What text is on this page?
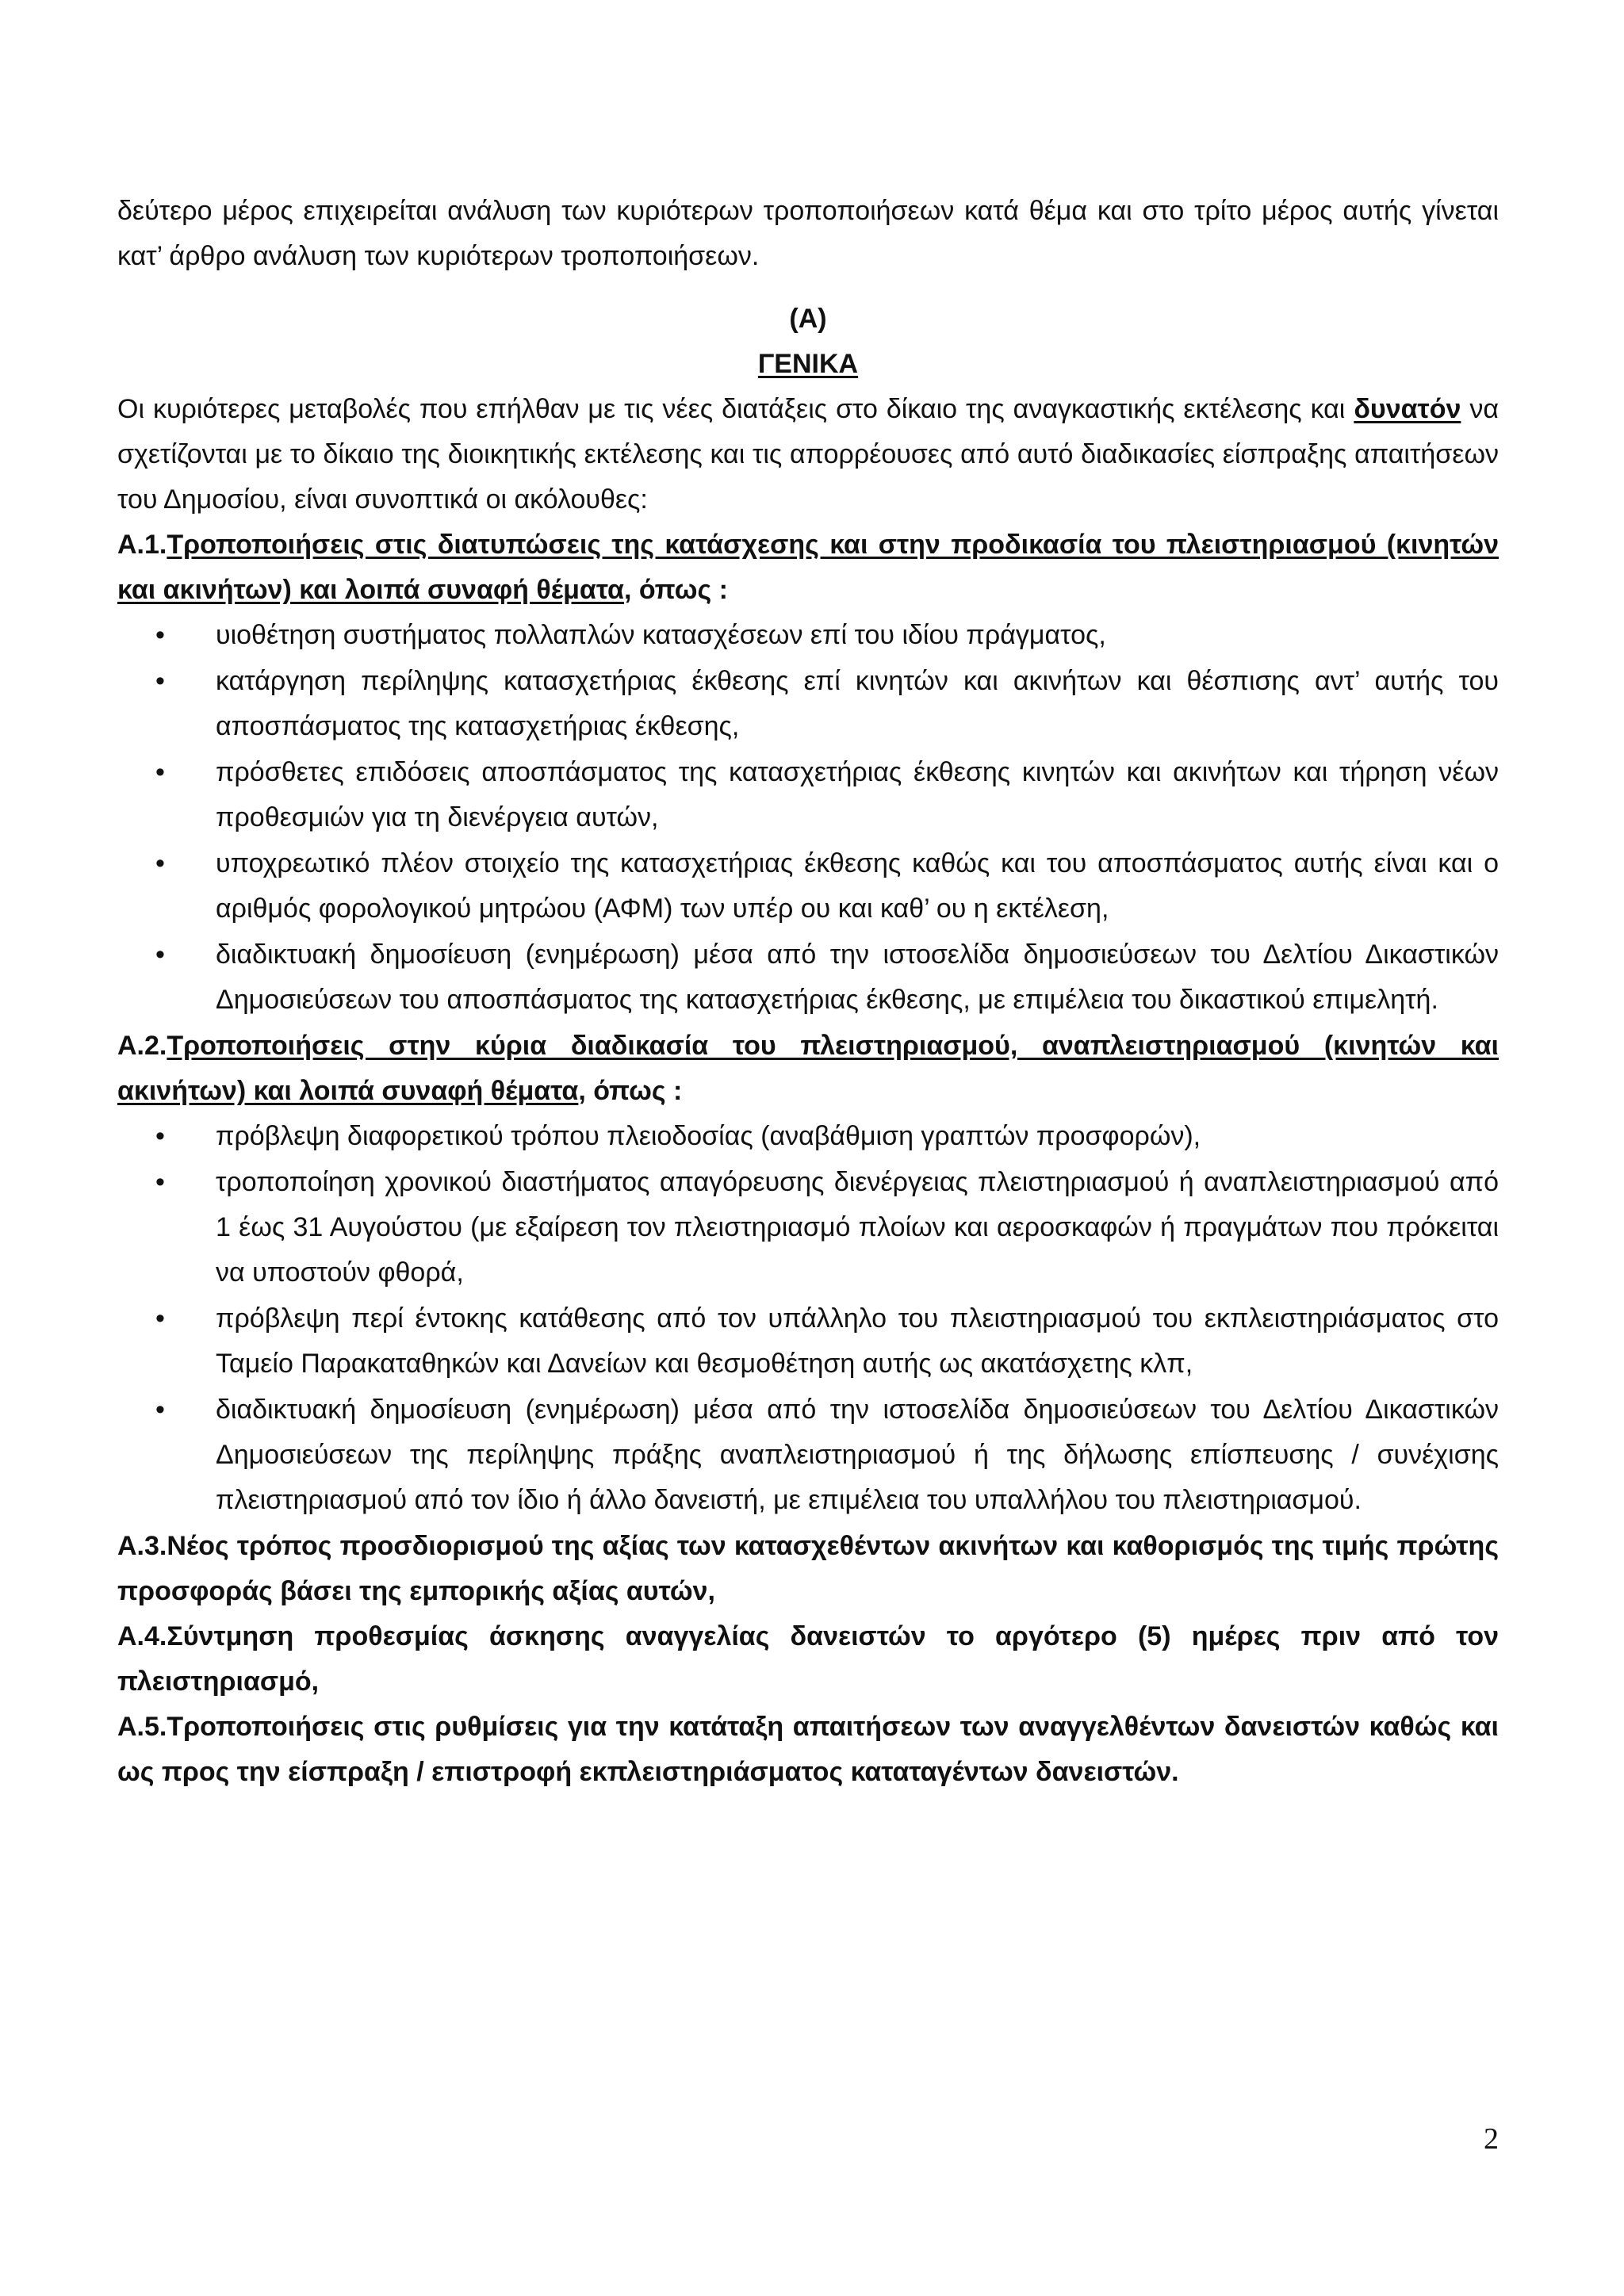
δεύτερο μέρος επιχειρείται ανάλυση των κυριότερων τροποποιήσεων κατά θέμα και στο τρίτο μέρος αυτής γίνεται κατ’ άρθρο ανάλυση των κυριότερων τροποποιήσεων.

(Α)

ΓΕΝΙΚΑ

Οι κυριότερες μεταβολές που επήλθαν με τις νέες διατάξεις στο δίκαιο της αναγκαστικής εκτέλεσης και δυνατόν να σχετίζονται με το δίκαιο της διοικητικής εκτέλεσης και τις απορρέουσες από αυτό διαδικασίες είσπραξης απαιτήσεων του Δημοσίου, είναι συνοπτικά οι ακόλουθες:

Α.1.Τροποποιήσεις στις διατυπώσεις της κατάσχεσης και στην προδικασία του πλειστηριασμού (κινητών και ακινήτων) και λοιπά συναφή θέματα, όπως :

• υιοθέτηση συστήματος πολλαπλών κατασχέσεων επί του ιδίου πράγματος,
• κατάργηση περίληψης κατασχετήριας έκθεσης επί κινητών και ακινήτων και θέσπισης αντ’ αυτής του αποσπάσματος της κατασχετήριας έκθεσης,
• πρόσθετες επιδόσεις αποσπάσματος της κατασχετήριας έκθεσης κινητών και ακινήτων και τήρηση νέων προθεσμιών για τη διενέργεια αυτών,
• υποχρεωτικό πλέον στοιχείο της κατασχετήριας έκθεσης καθώς και του αποσπάσματος αυτής είναι και ο αριθμός φορολογικού μητρώου (ΑΦΜ) των υπέρ ου και καθ’ ου η εκτέλεση,
• διαδικτυακή δημοσίευση (ενημέρωση) μέσα από την ιστοσελίδα δημοσιεύσεων του Δελτίου Δικαστικών Δημοσιεύσεων του αποσπάσματος της κατασχετήριας έκθεσης, με επιμέλεια του δικαστικού επιμελητή.

Α.2.Τροποποιήσεις στην κύρια διαδικασία του πλειστηριασμού, αναπλειστηριασμού (κινητών και ακινήτων) και λοιπά συναφή θέματα, όπως :

• πρόβλεψη διαφορετικού τρόπου πλειοδοσίας (αναβάθμιση γραπτών προσφορών),
• τροποποίηση χρονικού διαστήματος απαγόρευσης διενέργειας πλειστηριασμού ή αναπλειστηριασμού από 1 έως 31 Αυγούστου (με εξαίρεση τον πλειστηριασμό πλοίων και αεροσκαφών ή πραγμάτων που πρόκειται να υποστούν φθορά,
• πρόβλεψη περί έντοκης κατάθεσης από τον υπάλληλο του πλειστηριασμού του εκπλειστηριάσματος στο Ταμείο Παρακαταθηκών και Δανείων και θεσμοθέτηση αυτής ως ακατάσχετης κλπ,
• διαδικτυακή δημοσίευση (ενημέρωση) μέσα από την ιστοσελίδα δημοσιεύσεων του Δελτίου Δικαστικών Δημοσιεύσεων της περίληψης πράξης αναπλειστηριασμού ή της δήλωσης επίσπευσης / συνέχισης πλειστηριασμού από τον ίδιο ή άλλο δανειστή, με επιμέλεια του υπαλλήλου του πλειστηριασμού.

Α.3.Νέος τρόπος προσδιορισμού της αξίας των κατασχεθέντων ακινήτων και καθορισμός της τιμής πρώτης προσφοράς βάσει της εμπορικής αξίας αυτών,

Α.4.Σύντμηση προθεσμίας άσκησης αναγγελίας δανειστών το αργότερο (5) ημέρες πριν από τον πλειστηριασμό,

Α.5.Τροποποιήσεις στις ρυθμίσεις για την κατάταξη απαιτήσεων των αναγγελθέντων δανειστών καθώς και ως προς την είσπραξη / επιστροφή εκπλειστηριάσματος καταταγέντων δανειστών.

2
